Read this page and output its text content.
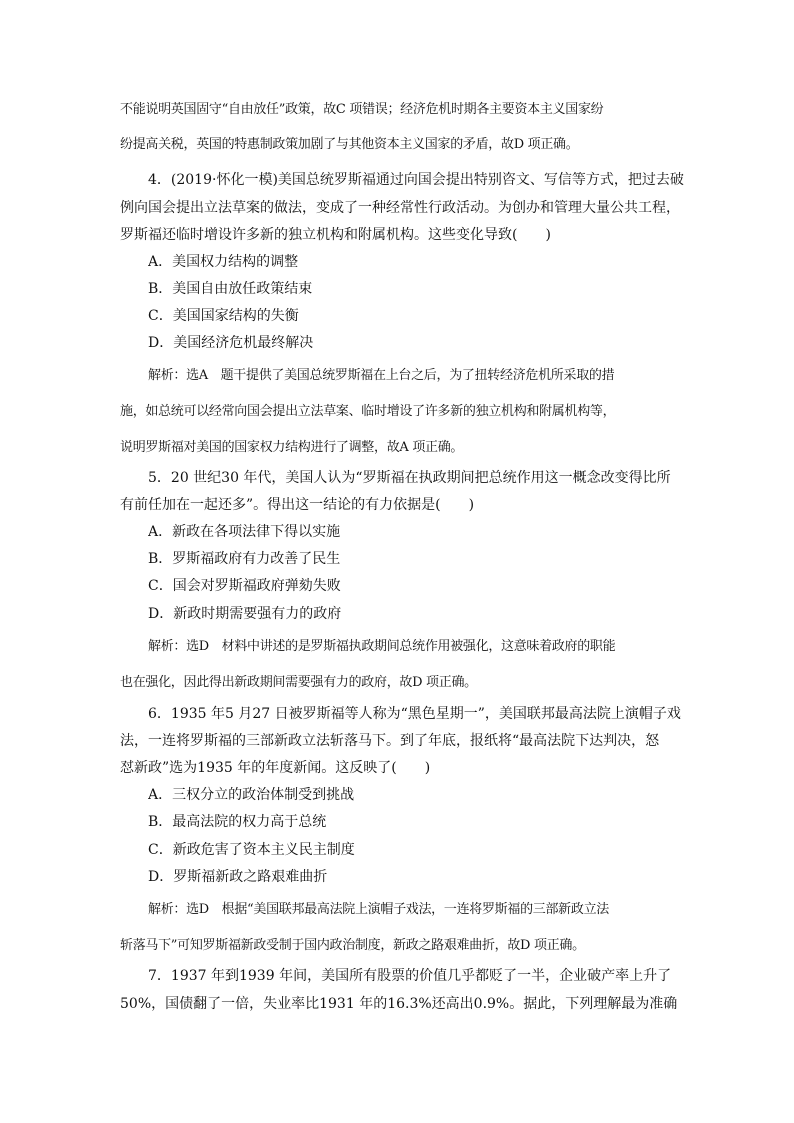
不能说明英国固守“自由放任”政策，故C 项错误；经济危机时期各主要资本主义国家纷
纷提高关税，英国的特惠制政策加剧了与其他资本主义国家的矛盾，故D 项正确。
4．(2019·怀化一模)美国总统罗斯福通过向国会提出特别咨文、写信等方式，把过去破
例向国会提出立法草案的做法，变成了一种经常性行政活动。为创办和管理大量公共工程，
罗斯福还临时增设许多新的独立机构和附属机构。这些变化导致(　　)
A．美国权力结构的调整
B．美国自由放任政策结束
C．美国国家结构的失衡
D．美国经济危机最终解决
解析：选A　题干提供了美国总统罗斯福在上台之后，为了扭转经济危机所采取的措
施，如总统可以经常向国会提出立法草案、临时增设了许多新的独立机构和附属机构等，
说明罗斯福对美国的国家权力结构进行了调整，故A 项正确。
5．20 世纪30 年代，美国人认为“罗斯福在执政期间把总统作用这一概念改变得比所
有前任加在一起还多”。得出这一结论的有力依据是(　　)
A．新政在各项法律下得以实施
B．罗斯福政府有力改善了民生
C．国会对罗斯福政府弹劾失败
D．新政时期需要强有力的政府
解析：选D　材料中讲述的是罗斯福执政期间总统作用被强化，这意味着政府的职能
也在强化，因此得出新政期间需要强有力的政府，故D 项正确。
6．1935 年5 月27 日被罗斯福等人称为“黑色星期一”，美国联邦最高法院上演帽子戏
法，一连将罗斯福的三部新政立法斩落马下。到了年底，报纸将“最高法院下达判决，怒
怼新政”选为1935 年的年度新闻。这反映了(　　)
A．三权分立的政治体制受到挑战
B．最高法院的权力高于总统
C．新政危害了资本主义民主制度
D．罗斯福新政之路艰难曲折
解析：选D　根据“美国联邦最高法院上演帽子戏法，一连将罗斯福的三部新政立法
斩落马下”可知罗斯福新政受制于国内政治制度，新政之路艰难曲折，故D 项正确。
7．1937 年到1939 年间，美国所有股票的价值几乎都贬了一半，企业破产率上升了
50%，国债翻了一倍，失业率比1931 年的16.3%还高出0.9%。据此，下列理解最为准确
